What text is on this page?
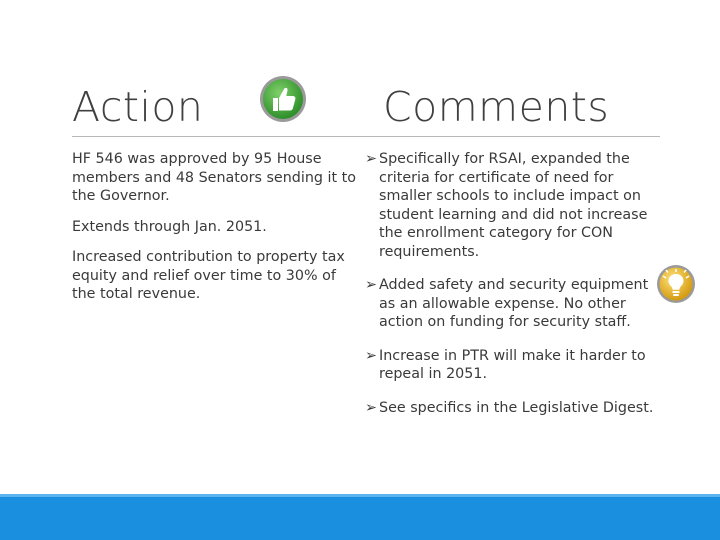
Action	Comments

HF 546 was approved by 95 House members and 48 Senators sending it to the Governor.

Extends through Jan. 2051.

Increased contribution to property tax equity and relief over time to 30% of the total revenue.

➢ Specifically for RSAI, expanded the criteria for certificate of need for smaller schools to include impact on student learning and did not increase the enrollment category for CON requirements.
➢ Added safety and security equipment as an allowable expense. No other action on funding for security staff.
➢ Increase in PTR will make it harder to repeal in 2051.
➢ See specifics in the Legislative Digest.
